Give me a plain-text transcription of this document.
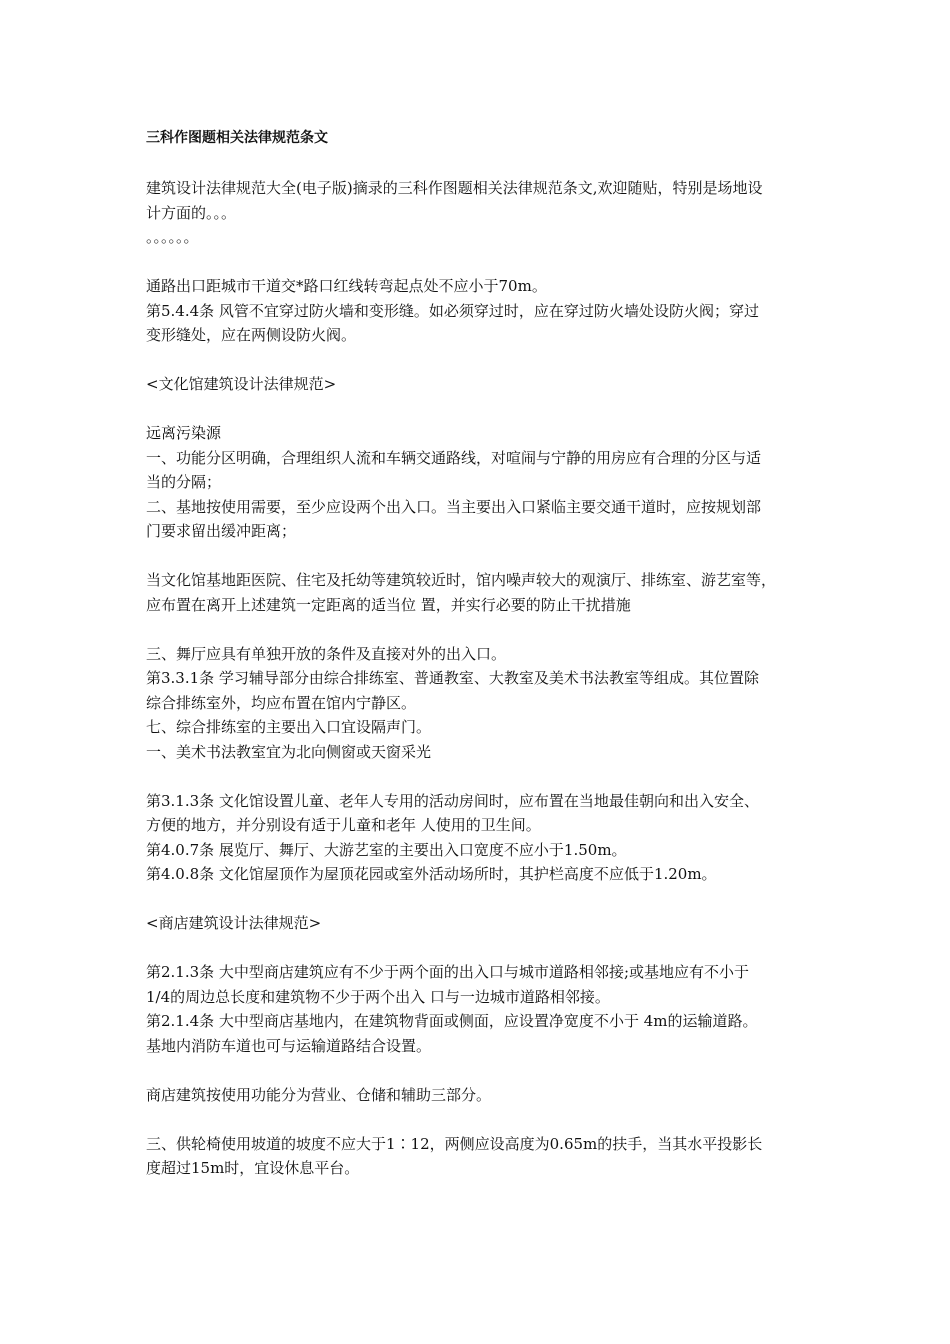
三科作图题相关法律规范条文
建筑设计法律规范大全(电子版)摘录的三科作图题相关法律规范条文,欢迎随贴，特别是场地设
计方面的。。。
。。。。。。
通路出口距城市干道交*路口红线转弯起点处不应小于70m。
第5.4.4条 风管不宜穿过防火墙和变形缝。如必须穿过时，应在穿过防火墙处设防火阀；穿过
变形缝处，应在两侧设防火阀。
<文化馆建筑设计法律规范>
远离污染源
一、功能分区明确，合理组织人流和车辆交通路线，对喧闹与宁静的用房应有合理的分区与适
当的分隔；
二、基地按使用需要，至少应设两个出入口。当主要出入口紧临主要交通干道时，应按规划部
门要求留出缓冲距离；
当文化馆基地距医院、住宅及托幼等建筑较近时，馆内噪声较大的观演厅、排练室、游艺室等，
应布置在离开上述建筑一定距离的适当位 置，并实行必要的防止干扰措施
三、舞厅应具有单独开放的条件及直接对外的出入口。
第3.3.1条 学习辅导部分由综合排练室、普通教室、大教室及美术书法教室等组成。其位置除
综合排练室外，均应布置在馆内宁静区。
七、综合排练室的主要出入口宜设隔声门。
一、美术书法教室宜为北向侧窗或天窗采光
第3.1.3条 文化馆设置儿童、老年人专用的活动房间时，应布置在当地最佳朝向和出入安全、
方便的地方，并分别设有适于儿童和老年 人使用的卫生间。
第4.0.7条 展览厅、舞厅、大游艺室的主要出入口宽度不应小于1.50m。
第4.0.8条 文化馆屋顶作为屋顶花园或室外活动场所时，其护栏高度不应低于1.20m。
<商店建筑设计法律规范>
第2.1.3条 大中型商店建筑应有不少于两个面的出入口与城市道路相邻接;或基地应有不小于
1/4的周边总长度和建筑物不少于两个出入 口与一边城市道路相邻接。
第2.1.4条 大中型商店基地内，在建筑物背面或侧面，应设置净宽度不小于 4m的运输道路。
基地内消防车道也可与运输道路结合设置。
商店建筑按使用功能分为营业、仓储和辅助三部分。
三、供轮椅使用坡道的坡度不应大于1∶12，两侧应设高度为0.65m的扶手，当其水平投影长
度超过15m时，宜设休息平台。
